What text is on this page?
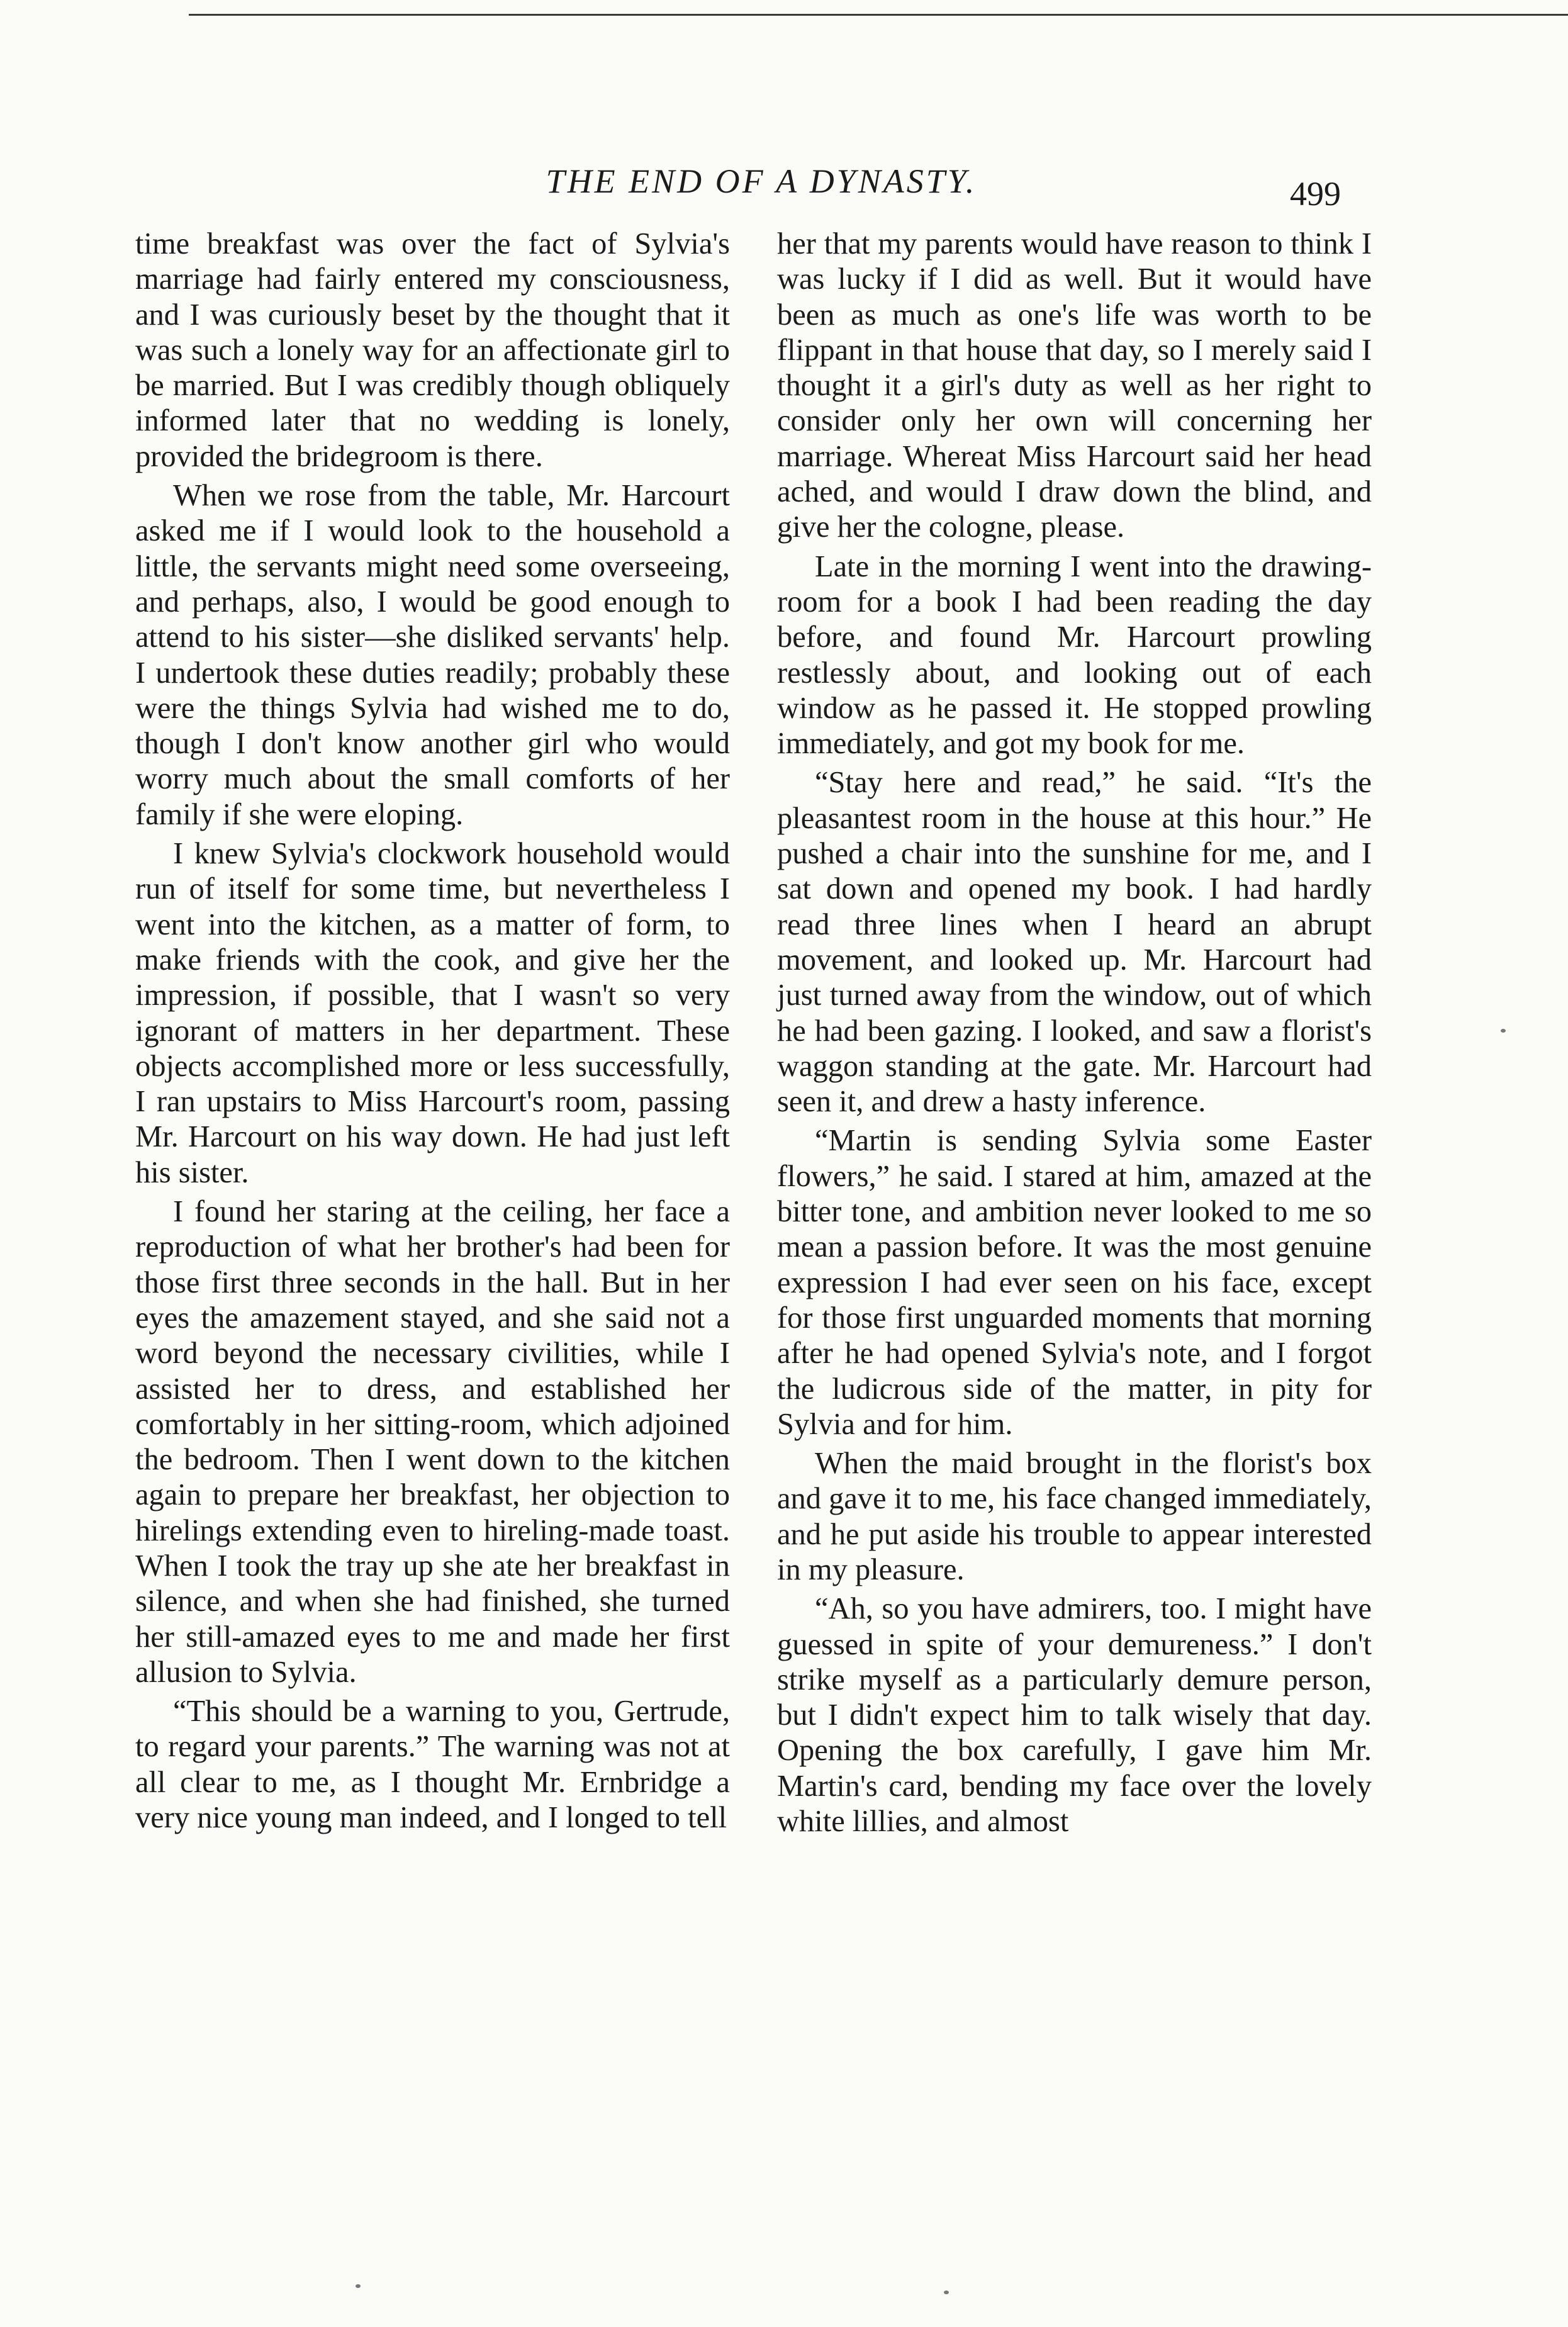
THE END OF A DYNASTY.	499

time breakfast was over the fact of Sylvia's marriage had fairly entered my consciousness, and I was curiously beset by the thought that it was such a lonely way for an affectionate girl to be married. But I was credibly though obliquely informed later that no wedding is lonely, provided the bridegroom is there.

When we rose from the table, Mr. Harcourt asked me if I would look to the household a little, the servants might need some overseeing, and perhaps, also, I would be good enough to attend to his sister—she disliked servants' help. I undertook these duties readily; probably these were the things Sylvia had wished me to do, though I don't know another girl who would worry much about the small comforts of her family if she were eloping.

I knew Sylvia's clockwork household would run of itself for some time, but nevertheless I went into the kitchen, as a matter of form, to make friends with the cook, and give her the impression, if possible, that I wasn't so very ignorant of matters in her department. These objects accomplished more or less successfully, I ran upstairs to Miss Harcourt's room, passing Mr. Harcourt on his way down. He had just left his sister.

I found her staring at the ceiling, her face a reproduction of what her brother's had been for those first three seconds in the hall. But in her eyes the amazement stayed, and she said not a word beyond the necessary civilities, while I assisted her to dress, and established her comfortably in her sitting-room, which adjoined the bedroom. Then I went down to the kitchen again to prepare her breakfast, her objection to hirelings extending even to hireling-made toast. When I took the tray up she ate her breakfast in silence, and when she had finished, she turned her still-amazed eyes to me and made her first allusion to Sylvia.

“This should be a warning to you, Gertrude, to regard your parents.” The warning was not at all clear to me, as I thought Mr. Ernbridge a very nice young man indeed, and I longed to tell

her that my parents would have reason to think I was lucky if I did as well. But it would have been as much as one's life was worth to be flippant in that house that day, so I merely said I thought it a girl's duty as well as her right to consider only her own will concerning her marriage. Whereat Miss Harcourt said her head ached, and would I draw down the blind, and give her the cologne, please.

Late in the morning I went into the drawing-room for a book I had been reading the day before, and found Mr. Harcourt prowling restlessly about, and looking out of each window as he passed it. He stopped prowling immediately, and got my book for me.

“Stay here and read,” he said. “It's the pleasantest room in the house at this hour.” He pushed a chair into the sunshine for me, and I sat down and opened my book. I had hardly read three lines when I heard an abrupt movement, and looked up. Mr. Harcourt had just turned away from the window, out of which he had been gazing. I looked, and saw a florist's waggon standing at the gate. Mr. Harcourt had seen it, and drew a hasty inference.

“Martin is sending Sylvia some Easter flowers,” he said. I stared at him, amazed at the bitter tone, and ambition never looked to me so mean a passion before. It was the most genuine expression I had ever seen on his face, except for those first unguarded moments that morning after he had opened Sylvia's note, and I forgot the ludicrous side of the matter, in pity for Sylvia and for him.

When the maid brought in the florist's box and gave it to me, his face changed immediately, and he put aside his trouble to appear interested in my pleasure.

“Ah, so you have admirers, too. I might have guessed in spite of your demureness.” I don't strike myself as a particularly demure person, but I didn't expect him to talk wisely that day. Opening the box carefully, I gave him Mr. Martin's card, bending my face over the lovely white lillies, and almost
